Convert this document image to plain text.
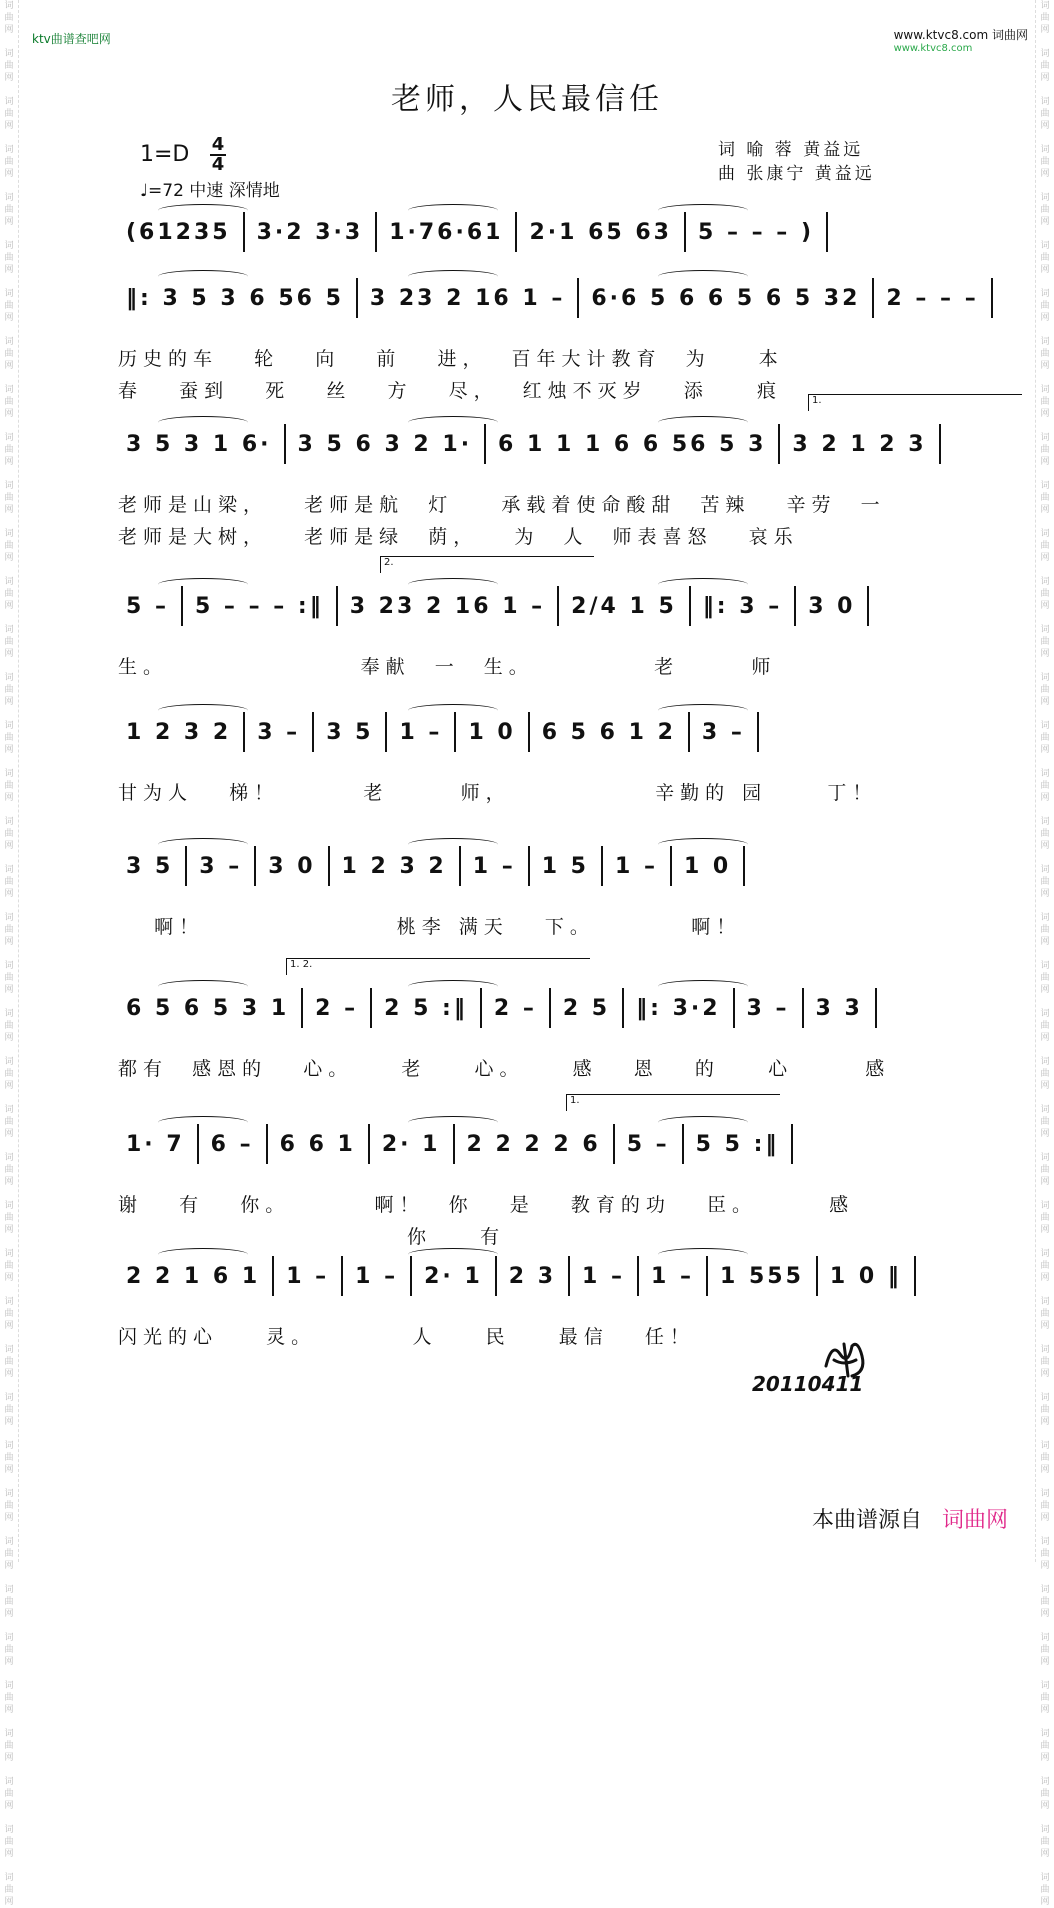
词
曲
网

词
曲
网

词
曲
网

词
曲
网

词
曲
网

词
曲
网

词
曲
网

词
曲
网

词
曲
网

词
曲
网

词
曲
网

词
曲
网

词
曲
网

词
曲
网

词
曲
网

词
曲
网

词
曲
网

词
曲
网

词
曲
网

词
曲
网

词
曲
网

词
曲
网

词
曲
网

词
曲
网

词
曲
网

词
曲
网

词
曲
网

词
曲
网

词
曲
网

词
曲
网

词
曲
网

词
曲
网

词
曲
网

词
曲
网

词
曲
网

词
曲
网

词
曲
网

词
曲
网

词
曲
网

词
曲
网

词
曲
网

词
曲
网

词
曲
网

词
曲
网

词
曲
网

词
曲
网

词
曲
网

词
曲
网

词
曲
网

词
曲
网

词
曲
网

词
曲
网

词
曲
网

词
曲
网

词
曲
网

词
曲
网

词
曲
网

词
曲
网

词
曲
网

词
曲
网

词
曲
网

词
曲
网

词
曲
网

词
曲
网

词
曲
网

词
曲
网

词
曲
网

词
曲
网

词
曲
网

词
曲
网

词
曲
网

词
曲
网

词
曲
网

词
曲
网

词
曲
网

词
曲
网

词
曲
网

词
曲
网

词
曲
网

词
曲
网

ktv曲谱查吧网	www.ktvc8.com 词曲网
www.ktvc8.com
老师，人民最信任
1=D 4
4
♩=72 中速 深情地
词 喻 蓉 黄益远
曲 张康宁 黄益远
(61235	3·2 3·3	1·76·61	2·1 65 63	5 – – – )
‖: 3 5 3 6 56 5	3 23 2 16 1 –	6·6 5 6 6 5 6 5 32	2 – – –
历史的车   轮   向   前   进，  百年大计教育  为    本
春   蚕到   死   丝   方   尽，  红烛不灭岁   添    痕
3 5 3 1 6·	3 5 6 3 2 1·	6 1 1 1 6 6 56 5 3	3 2 1 2 3
1.
老师是山梁，   老师是航  灯    承载着使命酸甜  苦辣   辛劳  一
老师是大树，   老师是绿  荫，   为  人  师表喜怒   哀乐
5 –	5 – – – :‖	3 23 2 16 1 –	2/4 1 5	‖: 3 –	3 0
2.
生。                奉献  一  生。          老      师
1 2 3 2	3 –	3 5	1 –	1 0	6 5 6 1 2	3 –
甘为人   梯！       老      师，            辛勤的 园     丁！
3 5	3 –	3 0	1 2 3 2	1 –	1 5	1 –	1 0
啊！                桃李 满天   下。        啊！
6 5 6 5 3 1	2 –	2 5 :‖	2 –	2 5	‖: 3·2	3 –	3 3
1. 2.
都有  感恩的   心。    老    心。    感   恩   的    心      感
1· 7	6 –	6 6 1	2· 1	2 2 2 2 6	5 –	5 5 :‖
1.
谢   有   你。       啊！  你   是   教育的功   臣。      感
你    有
2 2 1 6 1	1 –	1 –	2· 1	2 3	1 –	1 –	1 555	1 0 ‖
闪光的心    灵。        人    民    最信   任！
20110411
本曲谱源自 词曲网
